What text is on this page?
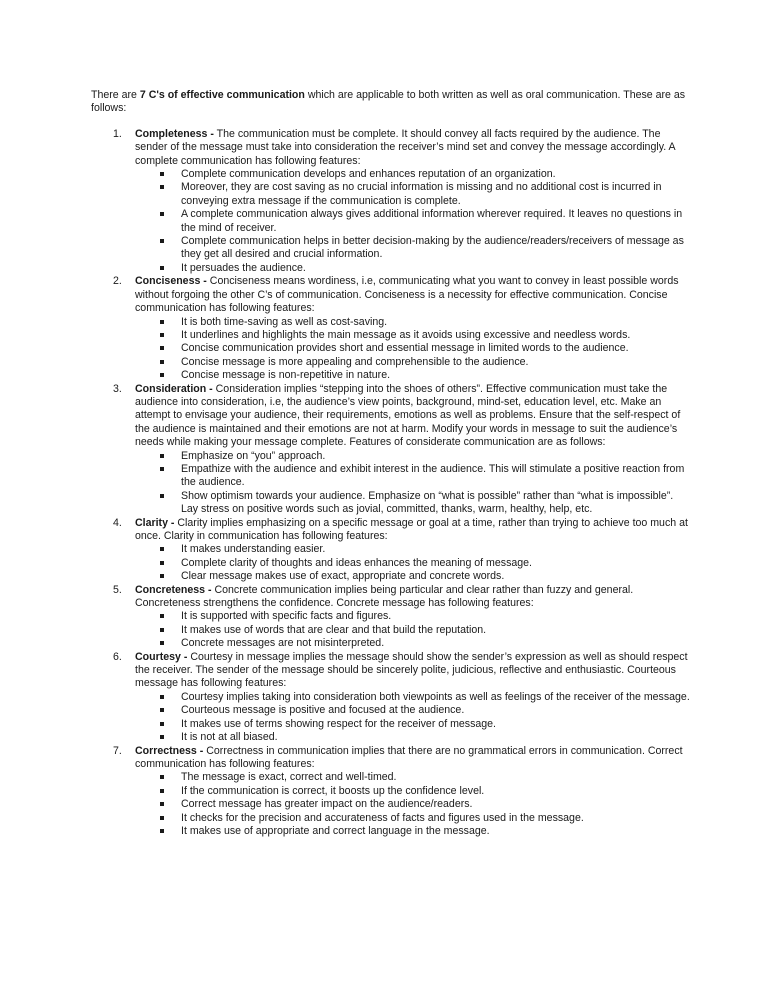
There are 7 C's of effective communication which are applicable to both written as well as oral communication. These are as follows:

1. Completeness - The communication must be complete. It should convey all facts required by the audience. The sender of the message must take into consideration the receiver’s mind set and convey the message accordingly. A complete communication has following features:
Complete communication develops and enhances reputation of an organization.
Moreover, they are cost saving as no crucial information is missing and no additional cost is incurred in conveying extra message if the communication is complete.
A complete communication always gives additional information wherever required. It leaves no questions in the mind of receiver.
Complete communication helps in better decision-making by the audience/readers/receivers of message as they get all desired and crucial information.
It persuades the audience.
2. Conciseness - Conciseness means wordiness, i.e, communicating what you want to convey in least possible words without forgoing the other C’s of communication. Conciseness is a necessity for effective communication. Concise communication has following features:
It is both time-saving as well as cost-saving.
It underlines and highlights the main message as it avoids using excessive and needless words.
Concise communication provides short and essential message in limited words to the audience.
Concise message is more appealing and comprehensible to the audience.
Concise message is non-repetitive in nature.
3. Consideration - Consideration implies “stepping into the shoes of others”. Effective communication must take the audience into consideration, i.e, the audience’s view points, background, mind-set, education level, etc. Make an attempt to envisage your audience, their requirements, emotions as well as problems. Ensure that the self-respect of the audience is maintained and their emotions are not at harm. Modify your words in message to suit the audience’s needs while making your message complete. Features of considerate communication are as follows:
Emphasize on “you” approach.
Empathize with the audience and exhibit interest in the audience. This will stimulate a positive reaction from the audience.
Show optimism towards your audience. Emphasize on “what is possible” rather than “what is impossible”. Lay stress on positive words such as jovial, committed, thanks, warm, healthy, help, etc.
4. Clarity - Clarity implies emphasizing on a specific message or goal at a time, rather than trying to achieve too much at once. Clarity in communication has following features:
It makes understanding easier.
Complete clarity of thoughts and ideas enhances the meaning of message.
Clear message makes use of exact, appropriate and concrete words.
5. Concreteness - Concrete communication implies being particular and clear rather than fuzzy and general. Concreteness strengthens the confidence. Concrete message has following features:
It is supported with specific facts and figures.
It makes use of words that are clear and that build the reputation.
Concrete messages are not misinterpreted.
6. Courtesy - Courtesy in message implies the message should show the sender’s expression as well as should respect the receiver. The sender of the message should be sincerely polite, judicious, reflective and enthusiastic. Courteous message has following features:
Courtesy implies taking into consideration both viewpoints as well as feelings of the receiver of the message.
Courteous message is positive and focused at the audience.
It makes use of terms showing respect for the receiver of message.
It is not at all biased.
7. Correctness - Correctness in communication implies that there are no grammatical errors in communication. Correct communication has following features:
The message is exact, correct and well-timed.
If the communication is correct, it boosts up the confidence level.
Correct message has greater impact on the audience/readers.
It checks for the precision and accurateness of facts and figures used in the message.
It makes use of appropriate and correct language in the message.
